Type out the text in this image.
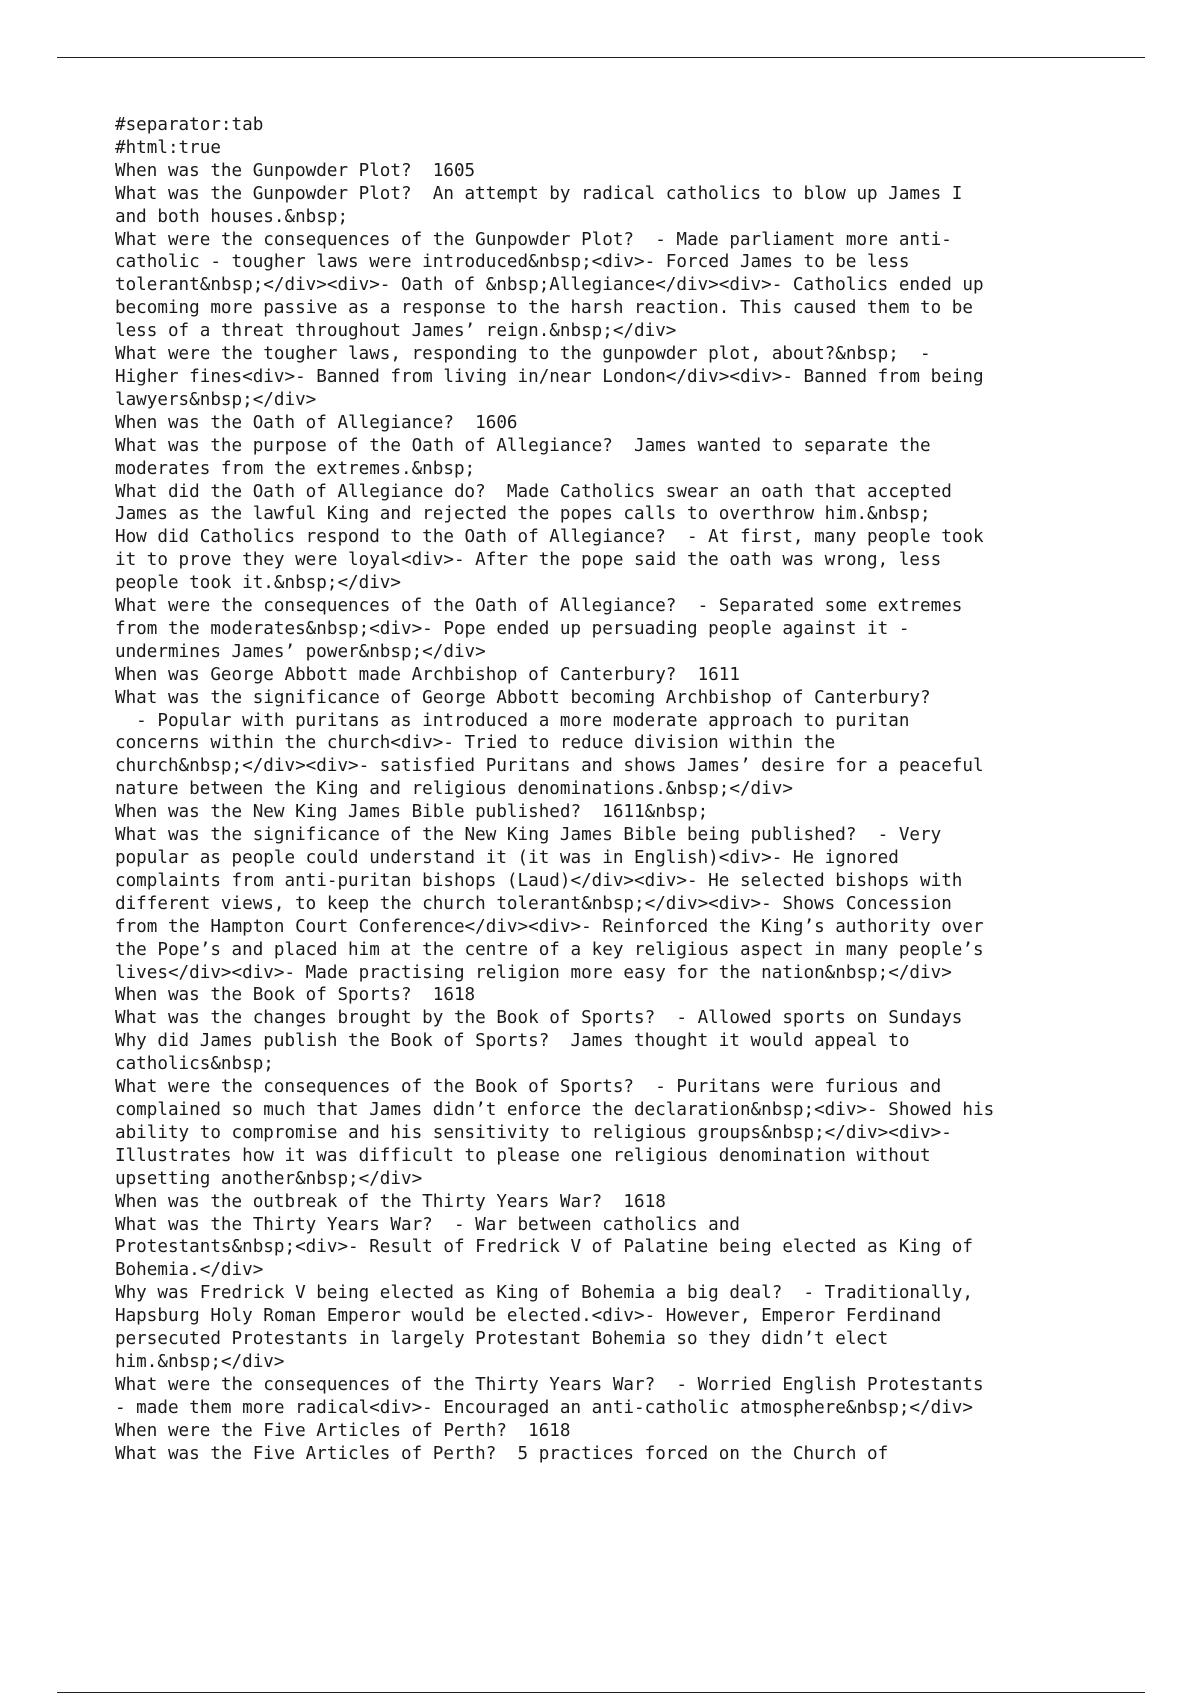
#separator:tab
#html:true
When was the Gunpowder Plot?  1605
What was the Gunpowder Plot?  An attempt by radical catholics to blow up James I
and both houses.&nbsp;
What were the consequences of the Gunpowder Plot?  - Made parliament more anti-
catholic - tougher laws were introduced&nbsp;<div>- Forced James to be less
tolerant&nbsp;</div><div>- Oath of &nbsp;Allegiance</div><div>- Catholics ended up
becoming more passive as a response to the harsh reaction. This caused them to be
less of a threat throughout James’ reign.&nbsp;</div>
What were the tougher laws, responding to the gunpowder plot, about?&nbsp;  -
Higher fines<div>- Banned from living in/near London</div><div>- Banned from being
lawyers&nbsp;</div>
When was the Oath of Allegiance?  1606
What was the purpose of the Oath of Allegiance?  James wanted to separate the
moderates from the extremes.&nbsp;
What did the Oath of Allegiance do?  Made Catholics swear an oath that accepted
James as the lawful King and rejected the popes calls to overthrow him.&nbsp;
How did Catholics respond to the Oath of Allegiance?  - At first, many people took
it to prove they were loyal<div>- After the pope said the oath was wrong, less
people took it.&nbsp;</div>
What were the consequences of the Oath of Allegiance?  - Separated some extremes
from the moderates&nbsp;<div>- Pope ended up persuading people against it -
undermines James’ power&nbsp;</div>
When was George Abbott made Archbishop of Canterbury?  1611
What was the significance of George Abbott becoming Archbishop of Canterbury?
- Popular with puritans as introduced a more moderate approach to puritan
concerns within the church<div>- Tried to reduce division within the
church&nbsp;</div><div>- satisfied Puritans and shows James’ desire for a peaceful
nature between the King and religious denominations.&nbsp;</div>
When was the New King James Bible published?  1611&nbsp;
What was the significance of the New King James Bible being published?  - Very
popular as people could understand it (it was in English)<div>- He ignored
complaints from anti-puritan bishops (Laud)</div><div>- He selected bishops with
different views, to keep the church tolerant&nbsp;</div><div>- Shows Concession
from the Hampton Court Conference</div><div>- Reinforced the King’s authority over
the Pope’s and placed him at the centre of a key religious aspect in many people’s
lives</div><div>- Made practising religion more easy for the nation&nbsp;</div>
When was the Book of Sports?  1618
What was the changes brought by the Book of Sports?  - Allowed sports on Sundays
Why did James publish the Book of Sports?  James thought it would appeal to
catholics&nbsp;
What were the consequences of the Book of Sports?  - Puritans were furious and
complained so much that James didn’t enforce the declaration&nbsp;<div>- Showed his
ability to compromise and his sensitivity to religious groups&nbsp;</div><div>-
Illustrates how it was difficult to please one religious denomination without
upsetting another&nbsp;</div>
When was the outbreak of the Thirty Years War?  1618
What was the Thirty Years War?  - War between catholics and
Protestants&nbsp;<div>- Result of Fredrick V of Palatine being elected as King of
Bohemia.</div>
Why was Fredrick V being elected as King of Bohemia a big deal?  - Traditionally,
Hapsburg Holy Roman Emperor would be elected.<div>- However, Emperor Ferdinand
persecuted Protestants in largely Protestant Bohemia so they didn’t elect
him.&nbsp;</div>
What were the consequences of the Thirty Years War?  - Worried English Protestants
- made them more radical<div>- Encouraged an anti-catholic atmosphere&nbsp;</div>
When were the Five Articles of Perth?  1618
What was the Five Articles of Perth?  5 practices forced on the Church of
